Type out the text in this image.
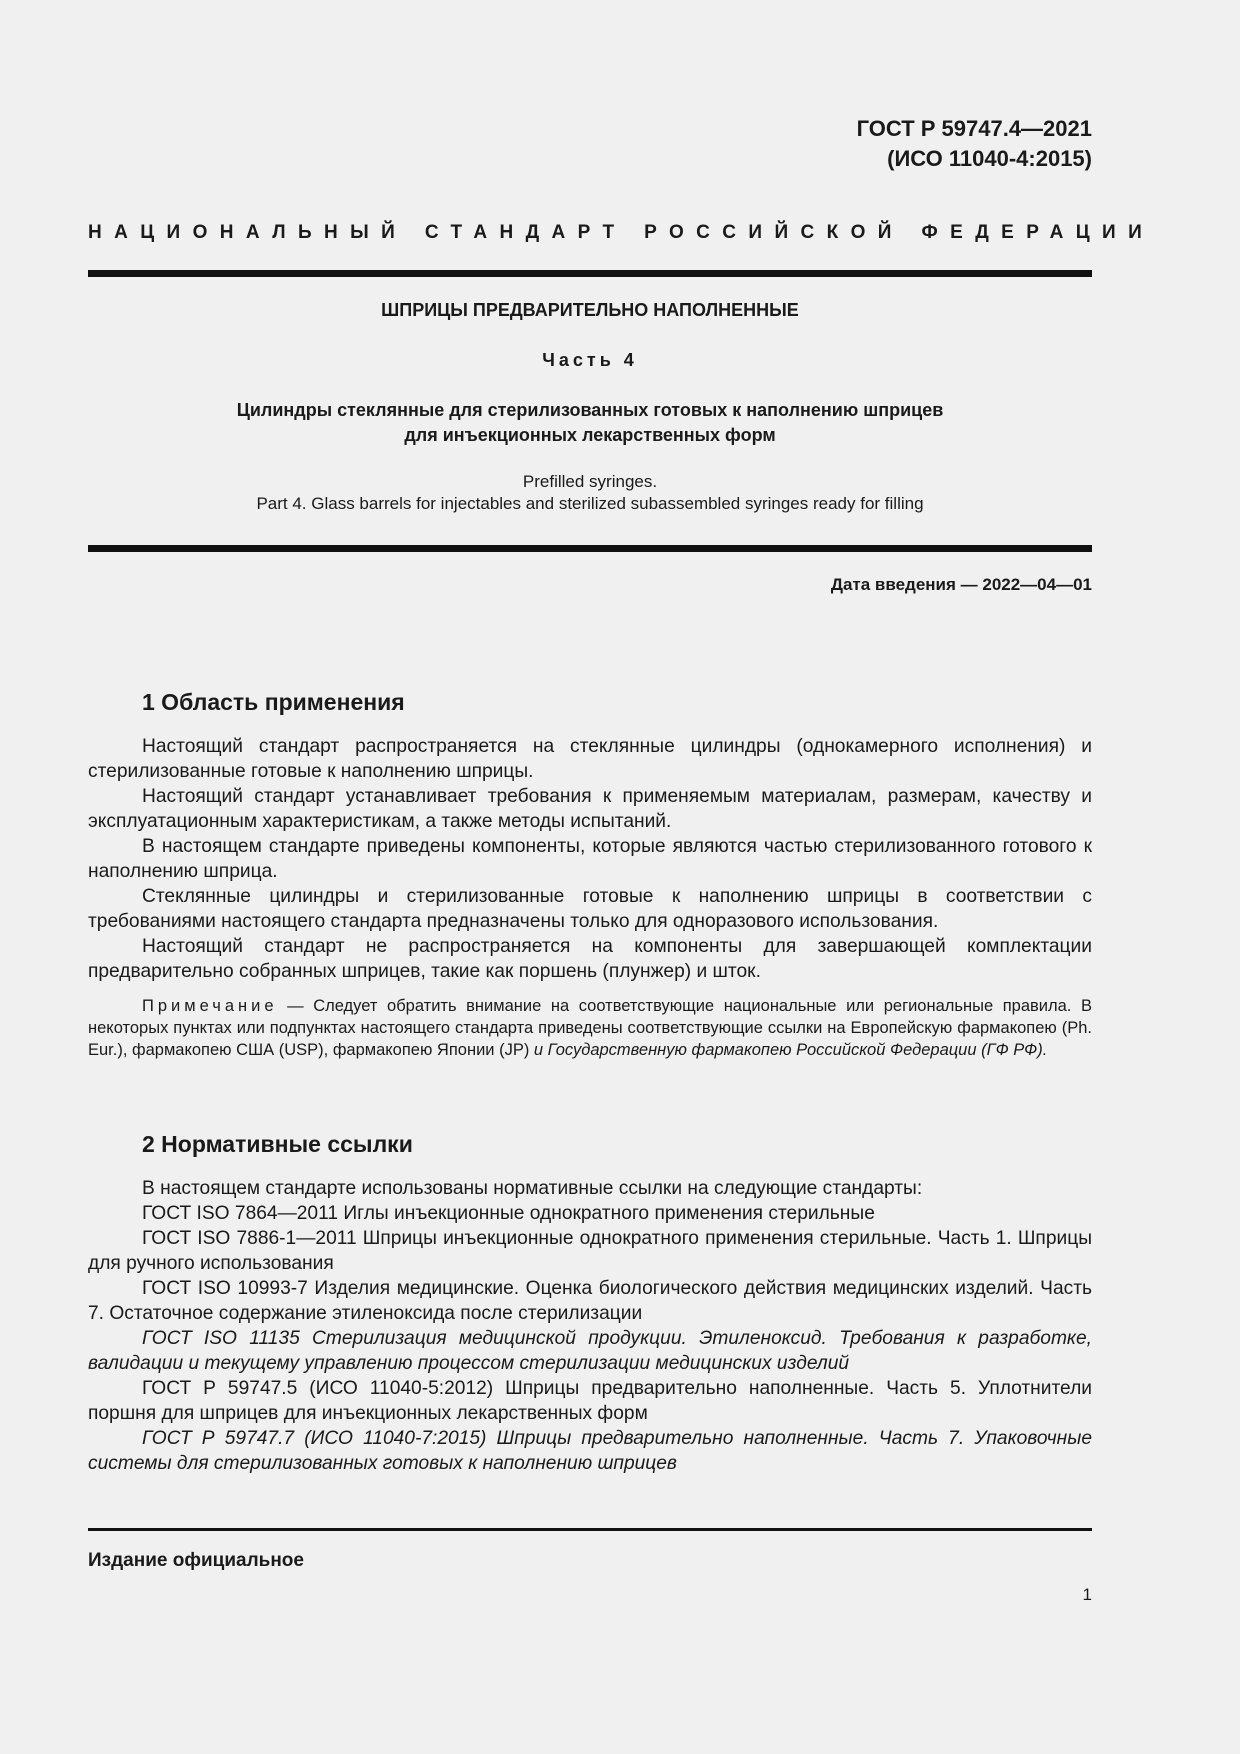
ГОСТ Р 59747.4—2021
(ИСО 11040-4:2015)
НАЦИОНАЛЬНЫЙ СТАНДАРТ РОССИЙСКОЙ ФЕДЕРАЦИИ
ШПРИЦЫ ПРЕДВАРИТЕЛЬНО НАПОЛНЕННЫЕ
Часть 4
Цилиндры стеклянные для стерилизованных готовых к наполнению шприцев
для инъекционных лекарственных форм
Prefilled syringes.
Part 4. Glass barrels for injectables and sterilized subassembled syringes ready for filling
Дата введения — 2022—04—01
1 Область применения

Настоящий стандарт распространяется на стеклянные цилиндры (однокамерного исполнения) и стерилизованные готовые к наполнению шприцы.

Настоящий стандарт устанавливает требования к применяемым материалам, размерам, качеству и эксплуатационным характеристикам, а также методы испытаний.

В настоящем стандарте приведены компоненты, которые являются частью стерилизованного готового к наполнению шприца.

Стеклянные цилиндры и стерилизованные готовые к наполнению шприцы в соответствии с требованиями настоящего стандарта предназначены только для одноразового использования.

Настоящий стандарт не распространяется на компоненты для завершающей комплектации предварительно собранных шприцев, такие как поршень (плунжер) и шток.

Примечание — Следует обратить внимание на соответствующие национальные или региональные правила. В некоторых пунктах или подпунктах настоящего стандарта приведены соответствующие ссылки на Европейскую фармакопею (Ph. Eur.), фармакопею США (USP), фармакопею Японии (JP) и Государственную фармакопею Российской Федерации (ГФ РФ).
2 Нормативные ссылки

В настоящем стандарте использованы нормативные ссылки на следующие стандарты:

ГОСТ ISO 7864—2011 Иглы инъекционные однократного применения стерильные

ГОСТ ISO 7886-1—2011 Шприцы инъекционные однократного применения стерильные. Часть 1. Шприцы для ручного использования

ГОСТ ISO 10993-7 Изделия медицинские. Оценка биологического действия медицинских изделий. Часть 7. Остаточное содержание этиленоксида после стерилизации

ГОСТ ISO 11135 Стерилизация медицинской продукции. Этиленоксид. Требования к разработке, валидации и текущему управлению процессом стерилизации медицинских изделий

ГОСТ Р 59747.5 (ИСО 11040-5:2012) Шприцы предварительно наполненные. Часть 5. Уплотнители поршня для шприцев для инъекционных лекарственных форм

ГОСТ Р 59747.7 (ИСО 11040-7:2015) Шприцы предварительно наполненные. Часть 7. Упаковочные системы для стерилизованных готовых к наполнению шприцев

Издание официальное
1
